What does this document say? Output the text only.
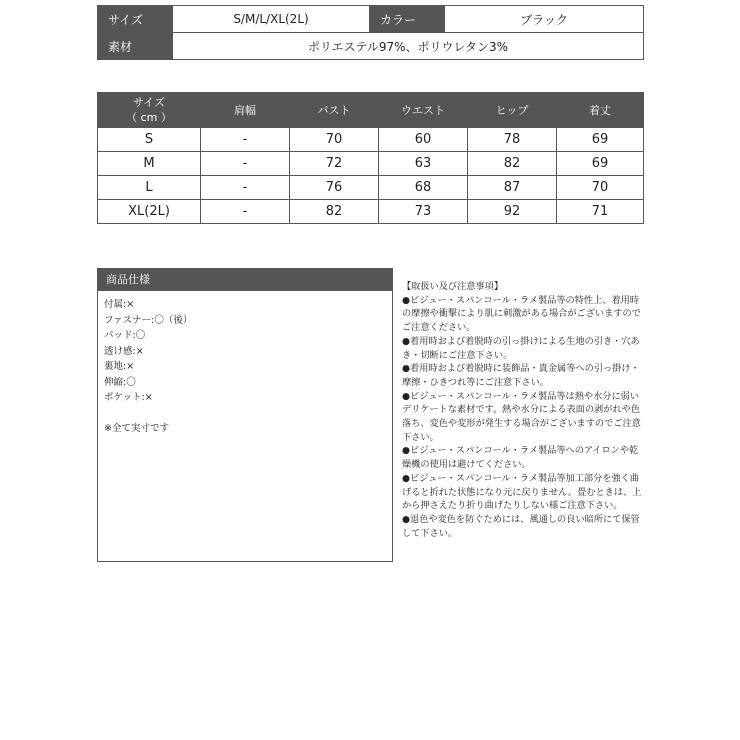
サイズ	S/M/L/XL(2L)	カラー	ブラック
素材	ポリエステル97%、ポリウレタン3%		
サイズ
（ cm ）	肩幅	バスト	ウエスト	ヒップ	着丈
S	-	70	60	78	69
M	-	72	63	82	69
L	-	76	68	87	70
XL(2L)	-	82	73	92	71
商品仕様
付属:×
ファスナー:〇（後）
パッド:〇
透け感:×
裏地:×
伸縮:〇
ポケット:×
※全て実寸です
【取扱い及び注意事項】
●ビジュー・スパンコール・ラメ製品等の特性上、着用時の摩擦や衝撃により肌に刺激がある場合がございますのでご注意ください。
●着用時および着脱時の引っ掛けによる生地の引き・穴あき・切断にご注意下さい。
●着用時および着脱時に装飾品・貴金属等への引っ掛け・摩擦・ひきつれ等にご注意下さい。
●ビジュー・スパンコール・ラメ製品等は熱や水分に弱いデリケートな素材です。熱や水分による表面の剥がれや色落ち、変色や変形が発生する場合がございますのでご注意下さい。
●ビジュー・スパンコール・ラメ製品等へのアイロンや乾燥機の使用は避けてください。
●ビジュー・スパンコール・ラメ製品等加工部分を強く曲げると折れた状態になり元に戻りません。畳むときは、上から押さえたり折り曲げたりしない様ご注意下さい。
●退色や変色を防ぐためには、風通しの良い暗所にて保管して下さい。
